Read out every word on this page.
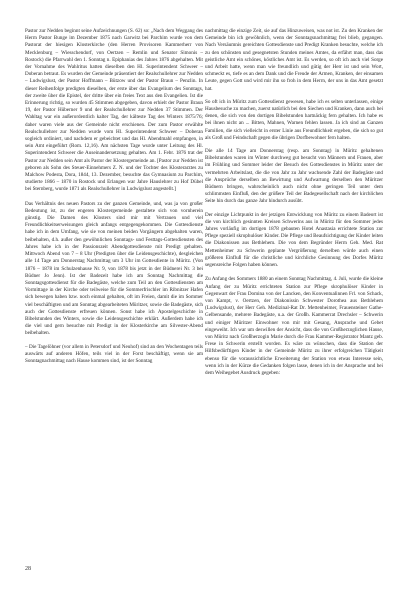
Pastor zur Nedden beginnt seine Aufzeichnungen (S. 62) so: „Nach dem Weggang des Herrn Pastor Bunge im Dezember 1875 nach Garwitz bei Parchim wurde von dem Pastorat der hiesigen Klosterkirche (den Herren Provisoren Kammerherr von Mecklenburg – Wiesschendorf, von Oertzen – Remlin und Senator Simonis – Rostock) die Pfarrwahl den 1. Sonntag n. Epiphanias des Jahres 1876 abgehalten. Mit der Vornahme des Wahlritus hatten dieselben den Hl. Superintendent Schweer – Doberan betraut. Es wurden der Gemeinde präsentiert der Realschullehrer zur Nedden – Ludwigslust, der Pastor Hoffmann – Bützow und der Pastor Braun – Penzlin. In dieser Reihenfolge predigten dieselben, der erste über das Evangelium des Sonntags, der zweite über die Epistel, der dritte über ein freies Text aus den Evangelien. Ist die Erinnerung richtig, so wurden 45 Stimmen abgegeben, davon erhielt der Pastor Braun 19, der Pastor Hüberner 9 und der Realschullehrer zur Nedden 37 Stimmen. Der Wahltag war ein außerordentlich kalter Tag, der kälteste Tag des Winters 1875/76; daher waren viele aus der Gemeinde nicht erschienen. Der zum Pastor erwählte Realschullehrer zur Nedden wurde vom Hl. Superintendent Schweer – Doberan sogleich ordiniert, und nachdem er gebeichtet und das Hl. Abendmahl empfangen, in sein Amt eingeführt (Rom. 12,16). Am nächsten Tage wurde unter Leitung des Hl. Superintendent Schweer die Auseinandersetzung gehalten. Am 1. Febr. 1876 trat der Pastor zur Nedden sein Amt als Pastor der Klostergemeinde an. [Pastor zur Nedden ist geboren als Sohn des Steuer-Einnehmers Z. N. und der Tochter des Klosterarztes zu Malchow Podesta, Dora, 1844, 13. Dezember, besuchte das Gymnasium zu Parchim, studierte 1866 – 1870 in Rostock und Erlangen war Jahre Hauslehrer zu Hof Dübel bei Sternberg, wurde 1871 als Realschullehrer in Ludwigslust angestellt.]

Das Verhältnis des neuen Pastors zu der ganzen Gemeinde, und, was ja von großer Bedeutung ist, zu der engeren Klostergemeinde gestaltete sich von vornherein günstig. Die Damen des Klosters sind mir mit Vertrauen und viel Freundlichkeitserweisungen gleich anfangs entgegengekommen. Die Gottesdienste habe ich in dem Umfang, wie sie von meinen beiden Vorgängern abgehalten waren, beibehalten, d.h. außer den gewöhnlichen Sonntags- und Festtags-Gottesdiensten des Jahres habe ich in der Passionszeit Abendgottesdienste mit Predigt gehalten. Mittwoch Abend von 7 – 8 Uhr (Predigten über die Leidensgeschichte), desgleichen alle 14 Tage am Donnerstag Nachmittag um 3 Uhr im Gottesdiente in Müritz. (Von 1876 – 1878 im Schulzenhause Nr. 9, von 1878 bis jetzt in der Büdnerei Nr. 3 bei Büdner Jo Jenn). Ist der Badezeit habe ich am Sonntag Nachmittag die Sonntagsgottesdienst für die Badegäste, welche zum Teil an den Gottesdiensten am Vormittage in der Kirche oder teilweise für die Sommerfrischler im Ribnitzer Hafen sich bewegen haben bzw. noch einmal gehalten, oft im Freien, damit die im Sommer viel beschäftigten und am Sonntag abgearbeiteten Müritzer, sowie die Badegäste, sich auch der Gottesdienste erfreuen können. Sonst habe ich Apostelgeschichte in Bibelstunden des Winters, sowie die Leidensgeschichte erklärt. Außerdem habe ich die viel und gern besuchte mit Predigt in der Klosterkirche am Silvester-Abend beibehalten.

– Die Tagelöhner (vor allem in Petersdorf und Neuhof) sind an den Wochentagen teils auswärts auf anderen Höfen, teils viel in der Forst beschäftigt, wenn sie am Sonntagnachmittag nach Hause kommen sind, ist der Sonntag

nachmittag die einzige Zeit, sie auf das Hinzuweisen, was not ist. Zu den Kranken der Gemeinde bin ich gewöhnlich, wenn der Sonntagsnachmittag frei blieb, gegangen. Nach Versäumnis gereichten Gottesdienste und Predigt Kranken besuchte, welche ich zu den schönsten und gesegnetsten Stunden meines Amtes, da erfährt man, dass das geistliche Amt ein schönes, köstliches Amt ist. Es werden, so oft ich auch viel Sorge und Arbeit hatte, wenn man wie freundlich und gütig der Herr ist und sein Wort, schmeckt es, tiefe es an dem Dank und die Freude der Armen, Kranken, der einsamen Leute, gegen Gott und wird mir ihn so froh in dem Herrn, der uns in das Amt gesetzt hat.

So oft ich in Müritz zum Gottesdienst gewesen, habe ich es selten unterlassen, einige Hausbesuche zu machen, zuerst natürlich bei den Siechen und Kranken, dann auch bei denen, die sich von den dortigen Bibelstunden hartnäckig fern gehalten. Ich habe es bei ihnen nicht an ... Bitten, Mahnen, Warnen fehlen lassen. Ja ich sind an Ganzen Familien, die sich vielleicht in erster Linie aus Freundlichkeit ergeben, die sich so gut als Groß und Feindschaft gegen die übrigen Dorfbewohner fern halten.

Die alle 14 Tage am Donnerstag (resp. am Sonntag) in Müritz gehaltenen Bibelstunden waren im Winter durchweg gut besucht von Männern und Frauen, aber im Frühling und Sommer leider der Besuch des Gottesdienstes in Müritz unter der vermehrten Arbeitslast, die die von Jahr zu Jahr wachsende Zahl der Badegäste und die Ansprüche derselben an Bewirtung und Aufwartung derselben den Müritzer Büdnern bringen, wahrscheinlich auch nicht ohne geringen Teil unter dem schlimmsten Einfluß, den der größere Teil der Badegesellschaft nach der kirchlichen Seite hin durch das ganze Jahr hindurch ausübt.

Der einzige Lichtpunkt in der jetzigen Entwicklung von Müritz zu einem Badeort ist die von kirchlich gesinnten Kreisen Schwerins aus in Müritz für den Sommer jedes Jahres vorläufig im dortigen 1878 gebauten Hotel Anastasia errichtete Station zur Pflege speziell skrophulöser Kinder. Die Pflege und Beaufsichtigung der Kinder leiten die Diakonissen aus Bethlehem. Die von dem Begründer Herrn Geh. Med. Rat Mettenheimer zu Schwerin geplante Vergrößerung derselben würde auch einen größeren Einfluß für die christliche und kirchliche Gesinnung des Dorfes Müritz segensreiche Folgen haben können.

Zu Anfang des Sommers 1880 an einem Sonntag Nachmittag, 4. Juli, wurde die kleine Anfang der zu Müritz errichteten Station zur Pflege skrophulöser Kinder in Gegenwart der Frau Domina von der Lancken, den Konventualinnen Frl. von Schack, von Kampt, v. Oertzen, der Diakonissin Schwester Dorothea aus Bethlehem (Ludwigslust), der Herr Geh. Medizinal-Rat Dr. Mettenheimer, Frauensteiner Gathe-Gelbensande, mehrere Badegäste, u.a. der Großh. Kammerrat Drechsler – Schwerin und einiger Müritzer Einwohner von mir mit Gesang, Ansprache und Gebet eingeweiht. Ich war um deswillen der Ansicht, dass die von Großherzoglichen Hause, von Müritz nach Großherzogin Marie durch die Frau Kammer-Registrator Mantz geb. Frese in Schwerin erstellt worden. Es wäre zu wünschen, dass die Station der Hilfsbedürftigen Kinder in der Gemeinde Müritz zu ihrer erfolgreichen Tätigkeit ebenso für die voraussichtliche Erweiterung der Station von etwas Interesse sein, wenn ich in der Kürze die Gedanken folgen lasse, denen ich in der Ansprache und bei dem Weihegebet Ausdruck gegeben:

28
